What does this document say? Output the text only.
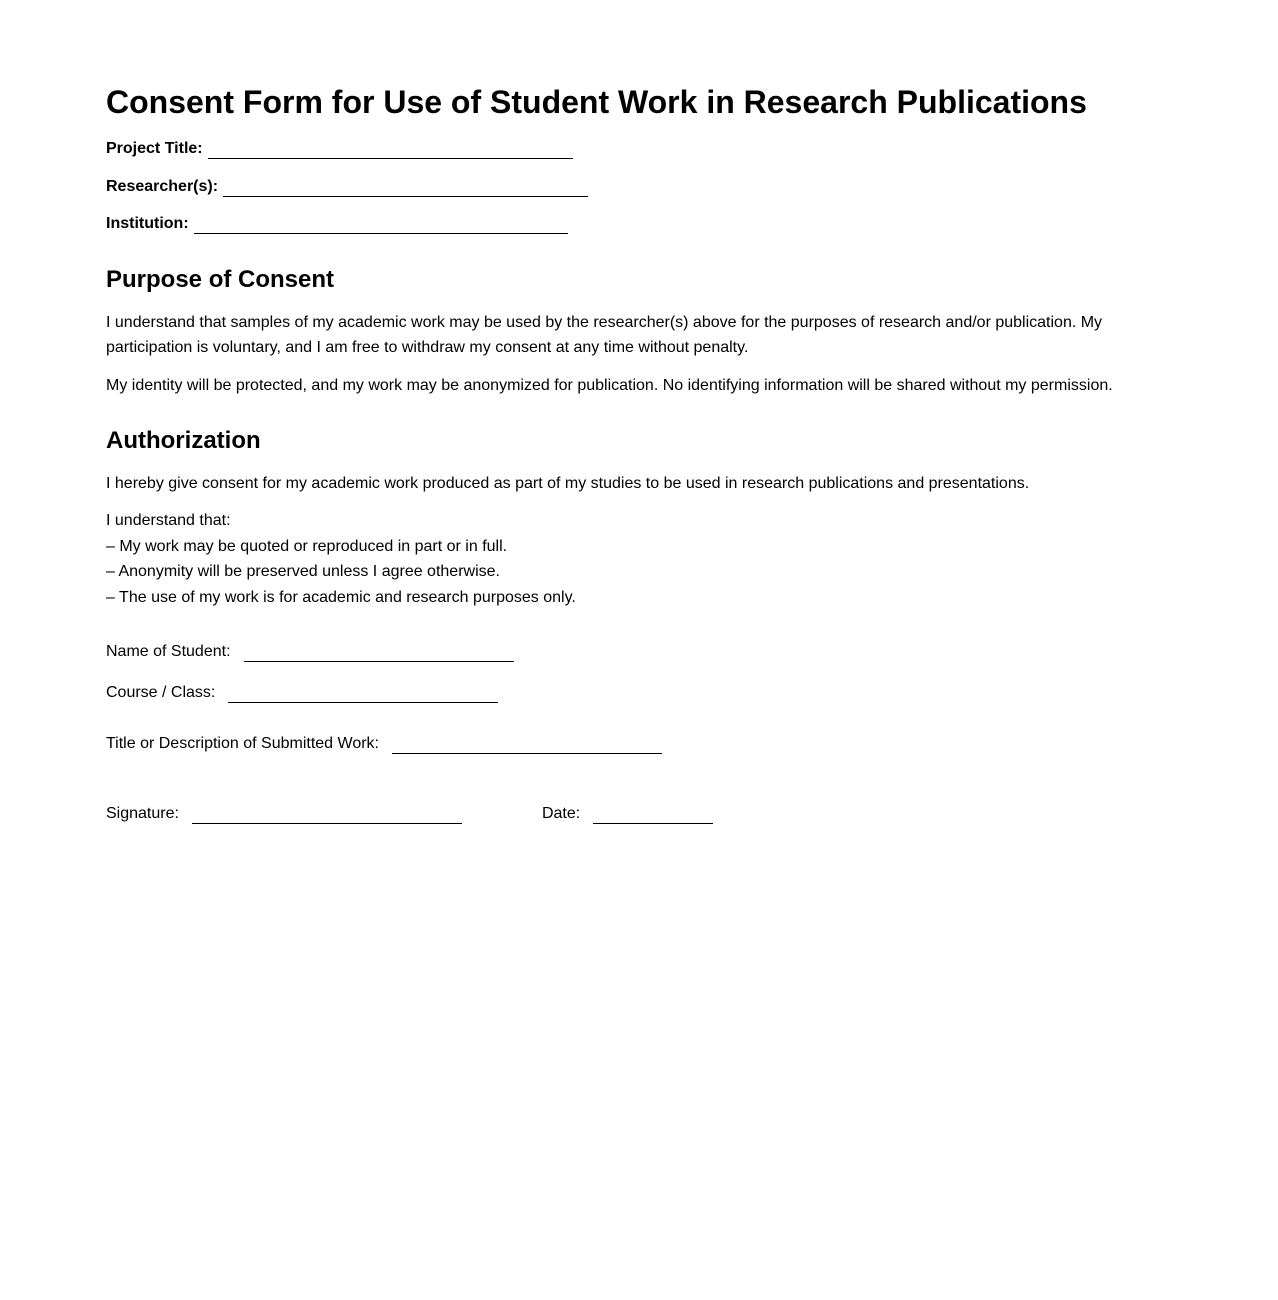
Consent Form for Use of Student Work in Research Publications
Project Title:
Researcher(s):
Institution:
Purpose of Consent

I understand that samples of my academic work may be used by the researcher(s) above for the purposes of research and/or publication. My participation is voluntary, and I am free to withdraw my consent at any time without penalty.

My identity will be protected, and my work may be anonymized for publication. No identifying information will be shared without my permission.

Authorization

I hereby give consent for my academic work produced as part of my studies to be used in research publications and presentations.

I understand that:
– My work may be quoted or reproduced in part or in full.
– Anonymity will be preserved unless I agree otherwise.
– The use of my work is for academic and research purposes only.
Name of Student:
Course / Class:
Title or Description of Submitted Work:
Signature:	Date:
